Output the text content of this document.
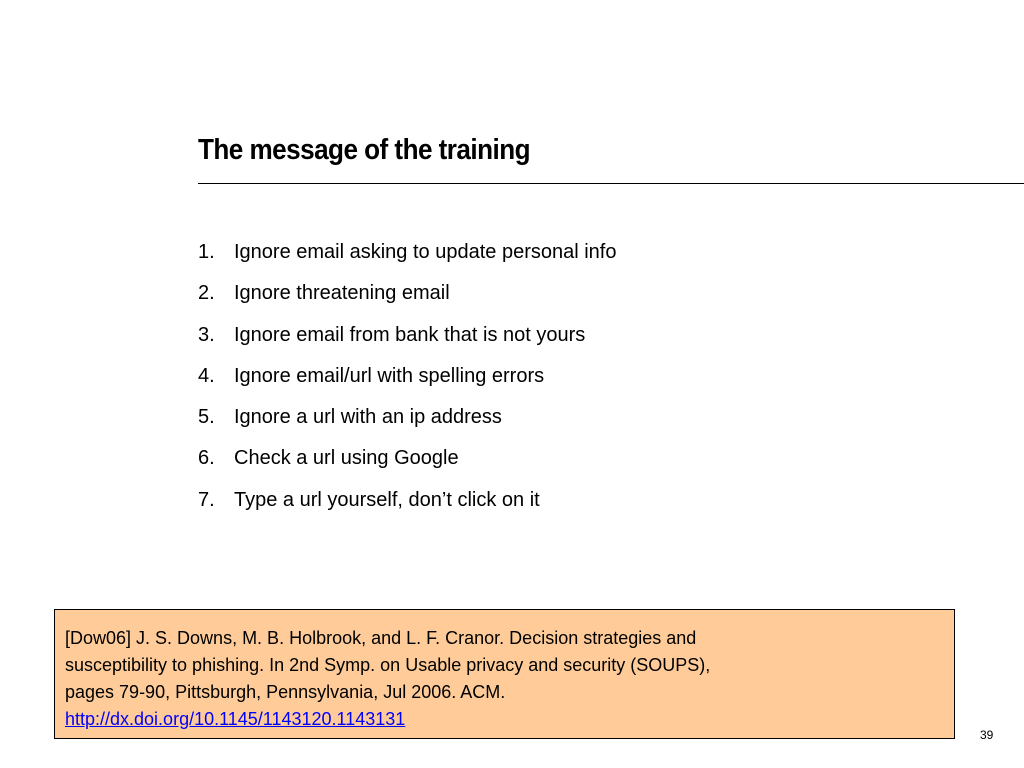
The message of the training
1. Ignore email asking to update personal info
2. Ignore threatening email
3. Ignore email from bank that is not yours
4. Ignore email/url with spelling errors
5. Ignore a url with an ip address
6. Check a url using Google
7. Type a url yourself, don’t click on it
[Dow06] J. S. Downs, M. B. Holbrook, and L. F. Cranor. Decision strategies and
susceptibility to phishing. In 2nd Symp. on Usable privacy and security (SOUPS),
pages 79-90, Pittsburgh, Pennsylvania, Jul 2006. ACM.
http://dx.doi.org/10.1145/1143120.1143131
39
